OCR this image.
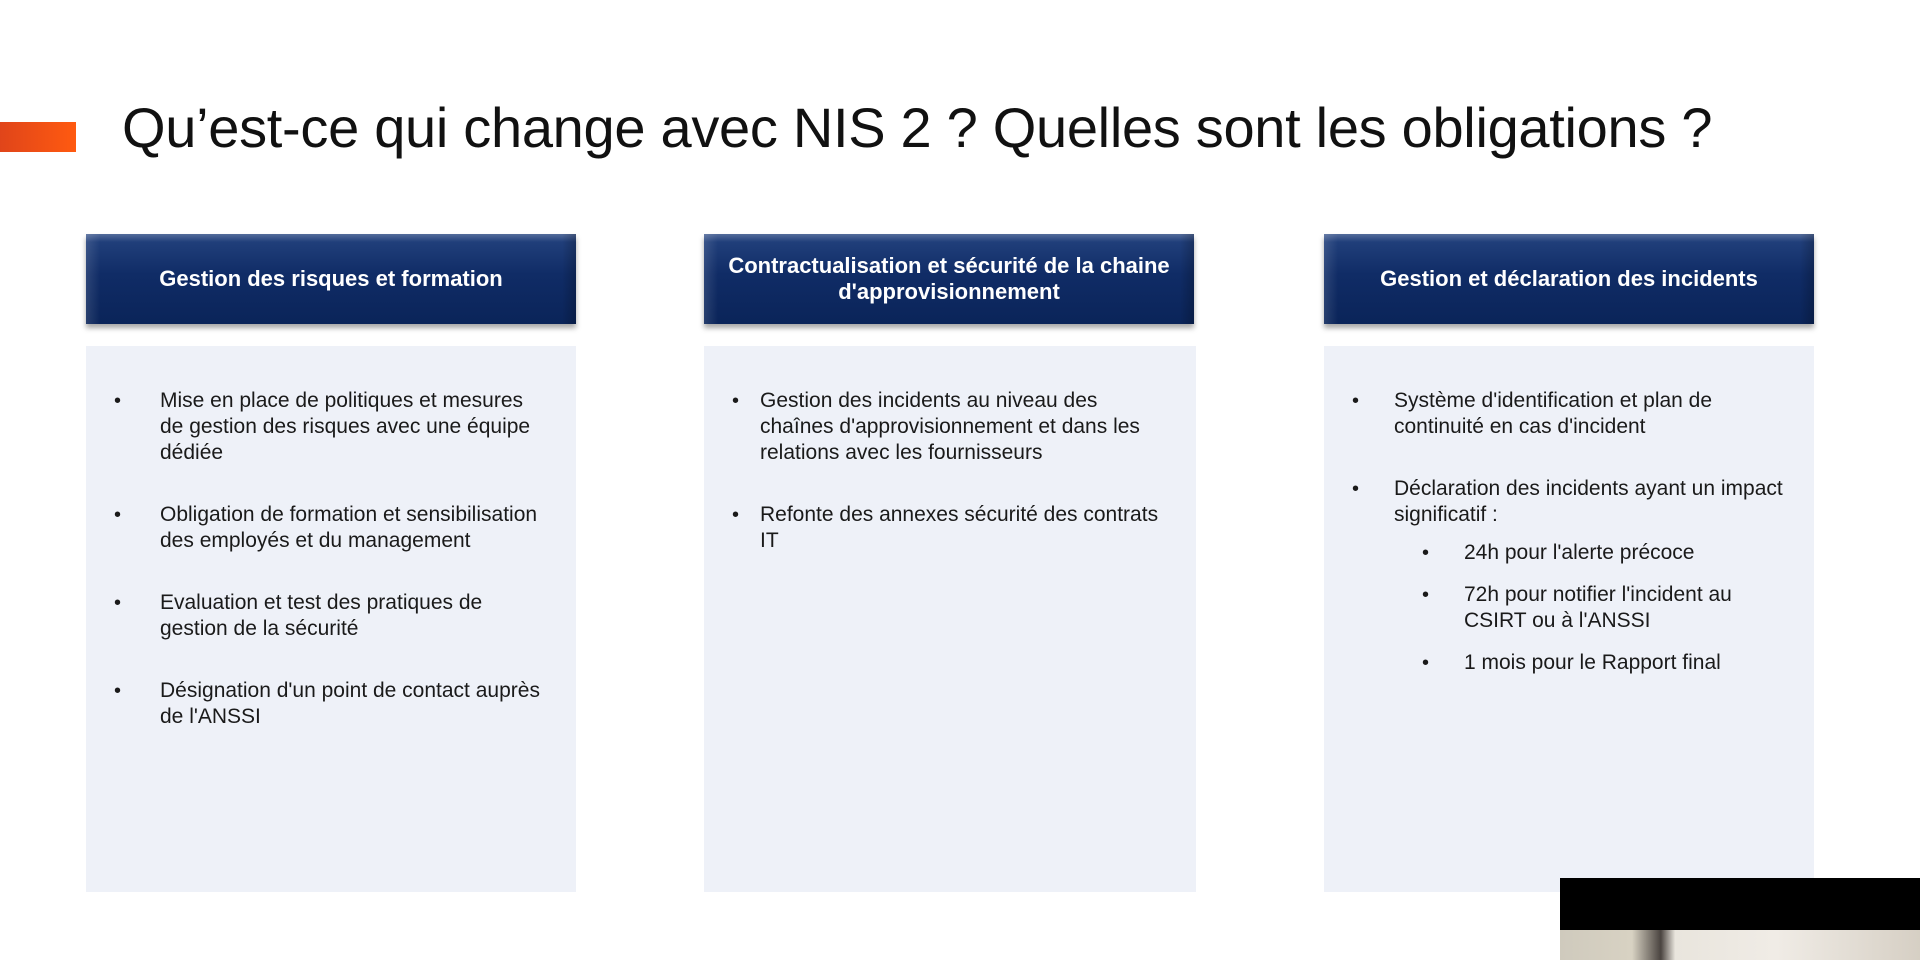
Qu’est-ce qui change avec NIS 2 ? Quelles sont les obligations ?
Gestion des risques et formation
• Mise en place de politiques et mesures de gestion des risques avec une équipe dédiée
• Obligation de formation et sensibilisation des employés et du management
• Evaluation et test des pratiques de gestion de la sécurité
• Désignation d'un point de contact auprès de l'ANSSI
Contractualisation et sécurité de la chaine d'approvisionnement
• Gestion des incidents au niveau des chaînes d'approvisionnement et dans les relations avec les fournisseurs
• Refonte des annexes sécurité des contrats IT
Gestion et déclaration des incidents
• Système d'identification et plan de continuité en cas d'incident
• Déclaration des incidents ayant un impact significatif :
• 24h pour l'alerte précoce
• 72h pour notifier l'incident au CSIRT ou à l'ANSSI
• 1 mois pour le Rapport final
